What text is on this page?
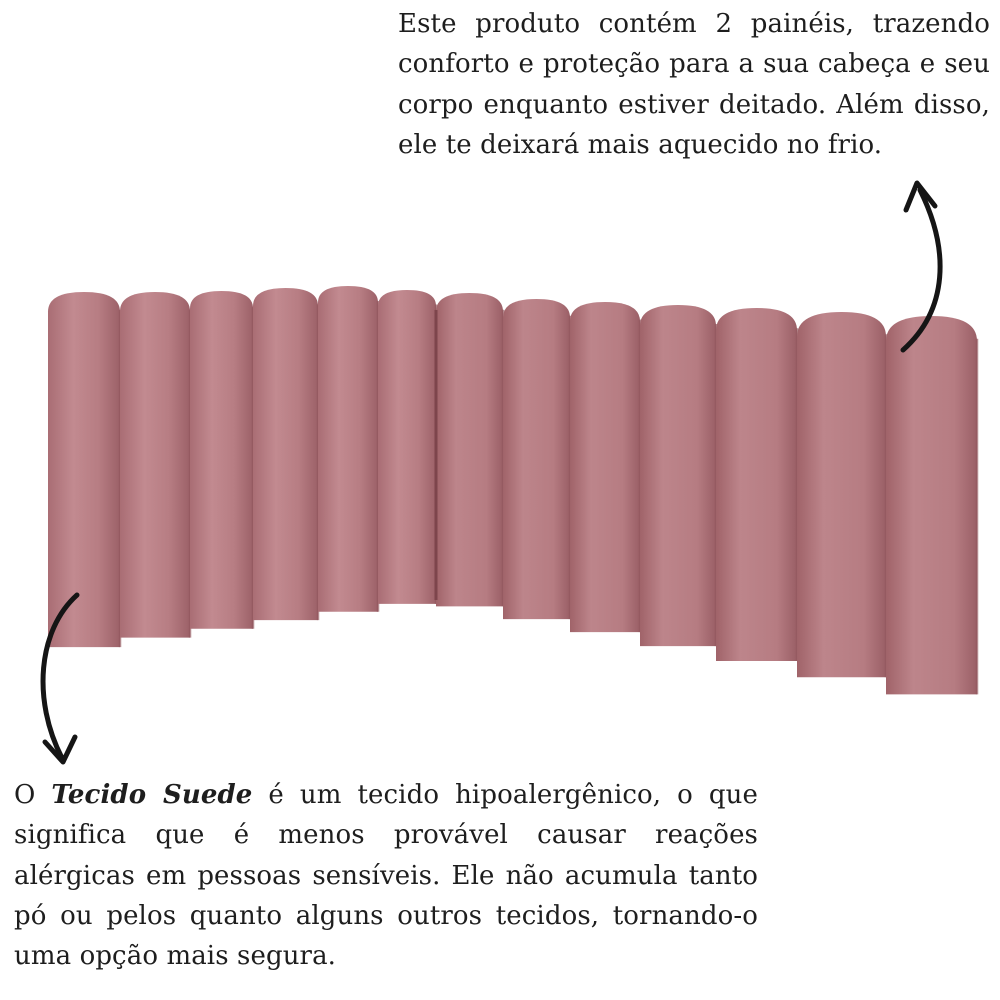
Este produto contém 2 painéis, trazendo conforto e proteção para a sua cabeça e seu corpo enquanto estiver deitado. Além disso, ele te deixará mais aquecido no frio.
O Tecido Suede é um tecido hipoalergênico, o que significa que é menos provável causar reações alérgicas em pessoas sensíveis. Ele não acumula tanto pó ou pelos quanto alguns outros tecidos, tornando-o uma opção mais segura.
